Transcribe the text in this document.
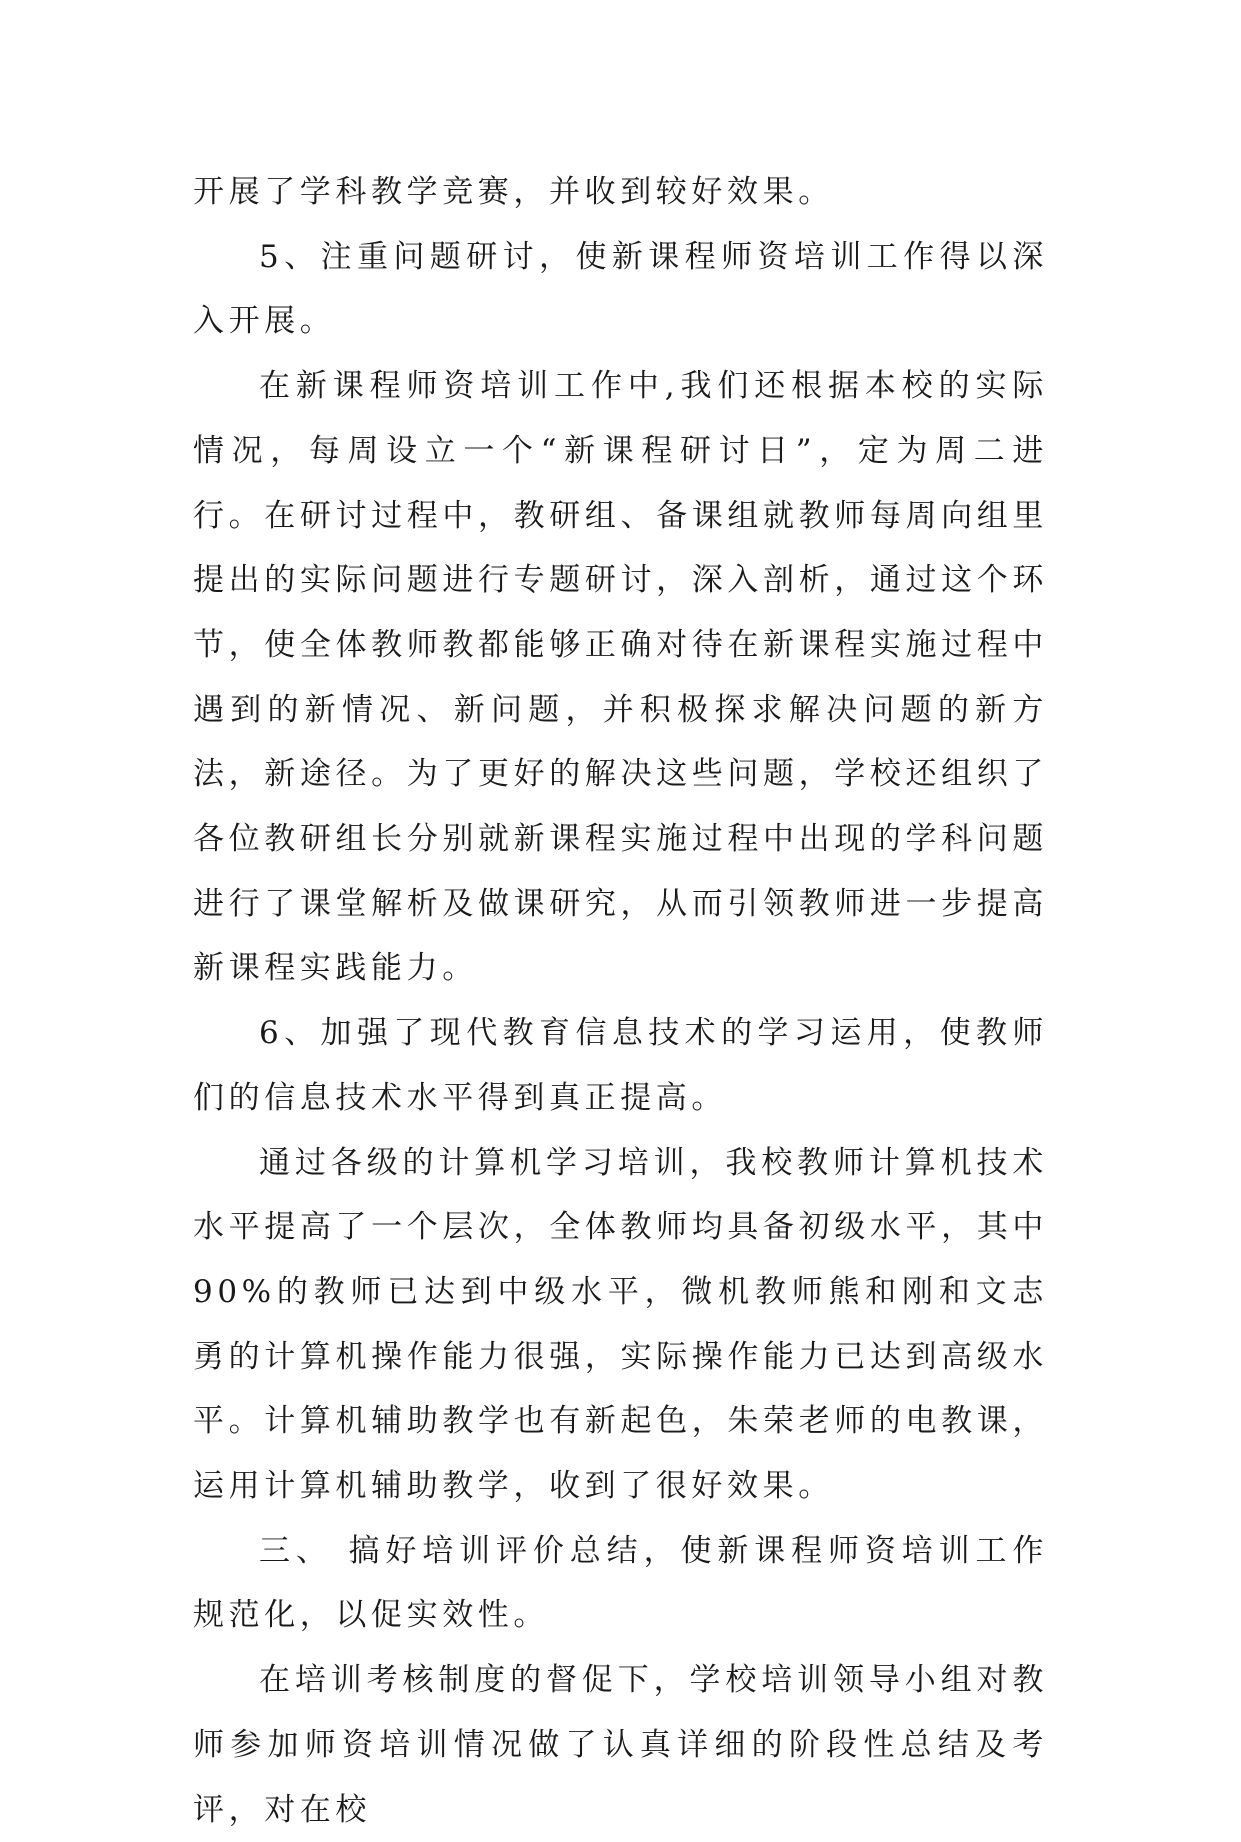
开展了学科教学竞赛，并收到较好效果。

5、注重问题研讨，使新课程师资培训工作得以深入开展。

在新课程师资培训工作中,我们还根据本校的实际情况，每周设立一个“新课程研讨日”，定为周二进行。在研讨过程中，教研组、备课组就教师每周向组里提出的实际问题进行专题研讨，深入剖析，通过这个环节，使全体教师教都能够正确对待在新课程实施过程中遇到的新情况、新问题，并积极探求解决问题的新方法，新途径。为了更好的解决这些问题，学校还组织了各位教研组长分别就新课程实施过程中出现的学科问题进行了课堂解析及做课研究，从而引领教师进一步提高新课程实践能力。

6、加强了现代教育信息技术的学习运用，使教师们的信息技术水平得到真正提高。

通过各级的计算机学习培训，我校教师计算机技术水平提高了一个层次，全体教师均具备初级水平，其中90%的教师已达到中级水平，微机教师熊和刚和文志勇的计算机操作能力很强，实际操作能力已达到高级水平。计算机辅助教学也有新起色，朱荣老师的电教课，运用计算机辅助教学，收到了很好效果。

三、 搞好培训评价总结，使新课程师资培训工作规范化，以促实效性。

在培训考核制度的督促下，学校培训领导小组对教师参加师资培训情况做了认真详细的阶段性总结及考评，对在校
